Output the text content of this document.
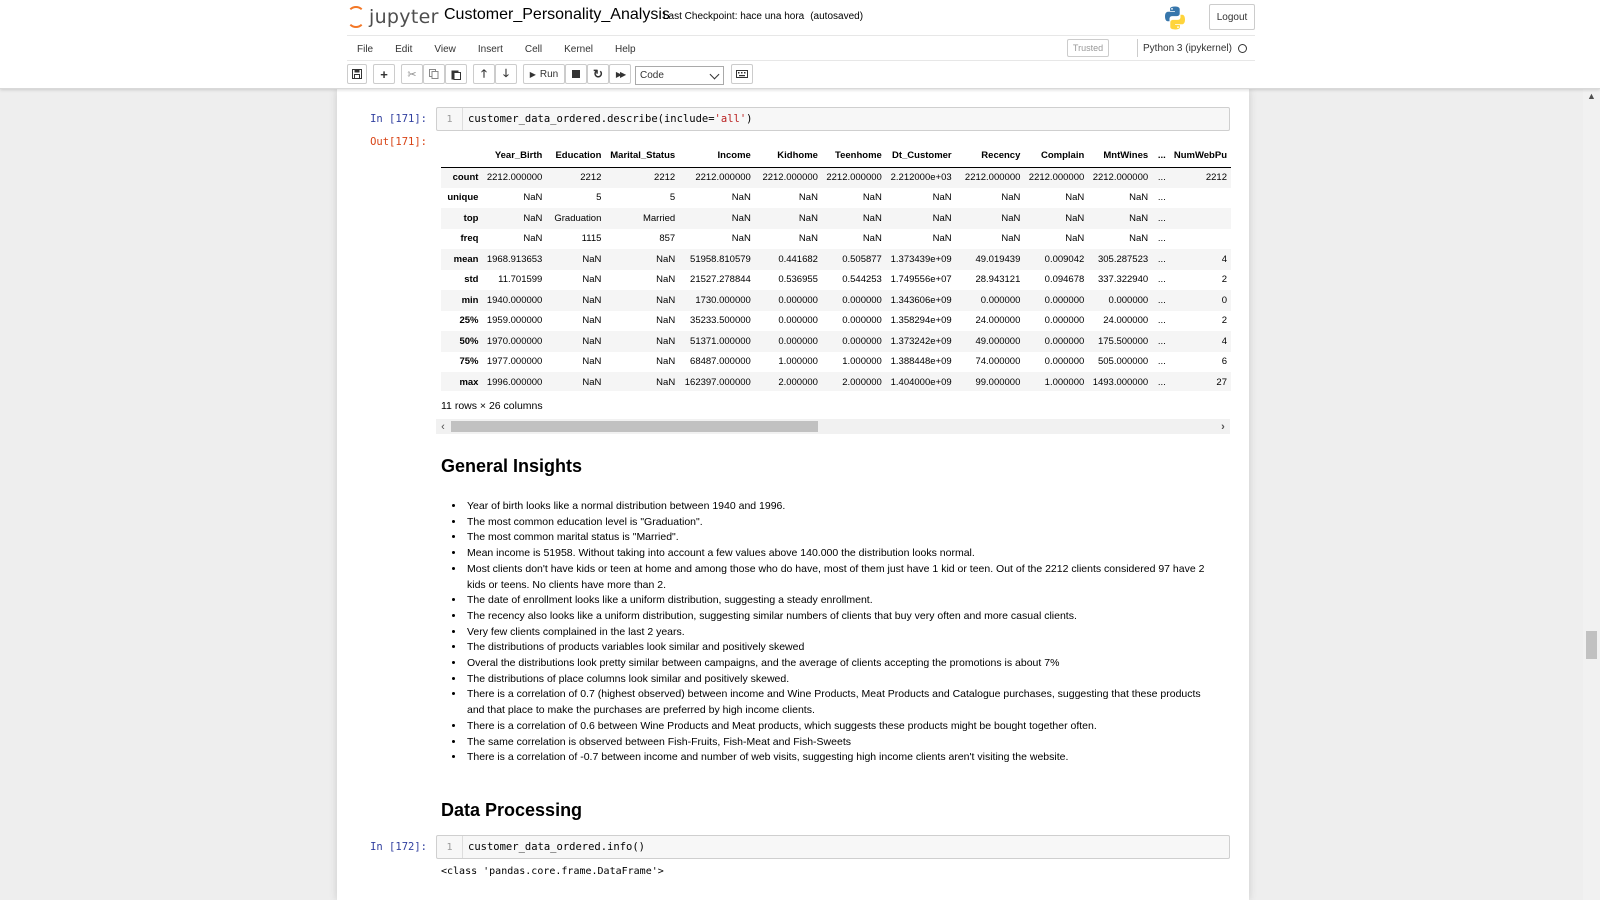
jupyter Customer_Personality_Analysis
Last Checkpoint: hace una hora (autosaved)	Logout
File	Edit	View	Insert	Cell	Kernel	Help	Trusted	Python 3 (ipykernel)
+ ✂	🡑 🡓	▶ Run	↻ ▶▶ Code
In [171]:	1	customer_data_ordered.describe(include='all')
Out[171]:
	Year_Birth	Education	Marital_Status	Income	Kidhome	Teenhome	Dt_Customer	Recency	Complain	MntWines	...	NumWebPu
count	2212.000000	2212	2212	2212.000000	2212.000000	2212.000000	2.212000e+03	2212.000000	2212.000000	2212.000000	...	2212
unique	NaN	5	5	NaN	NaN	NaN	NaN	NaN	NaN	NaN	...	
top	NaN	Graduation	Married	NaN	NaN	NaN	NaN	NaN	NaN	NaN	...	
freq	NaN	1115	857	NaN	NaN	NaN	NaN	NaN	NaN	NaN	...	
mean	1968.913653	NaN	NaN	51958.810579	0.441682	0.505877	1.373439e+09	49.019439	0.009042	305.287523	...	4
std	11.701599	NaN	NaN	21527.278844	0.536955	0.544253	1.749556e+07	28.943121	0.094678	337.322940	...	2
min	1940.000000	NaN	NaN	1730.000000	0.000000	0.000000	1.343606e+09	0.000000	0.000000	0.000000	...	0
25%	1959.000000	NaN	NaN	35233.500000	0.000000	0.000000	1.358294e+09	24.000000	0.000000	24.000000	...	2
50%	1970.000000	NaN	NaN	51371.000000	0.000000	0.000000	1.373242e+09	49.000000	0.000000	175.500000	...	4
75%	1977.000000	NaN	NaN	68487.000000	1.000000	1.000000	1.388448e+09	74.000000	0.000000	505.000000	...	6
max	1996.000000	NaN	NaN	162397.000000	2.000000	2.000000	1.404000e+09	99.000000	1.000000	1493.000000	...	27
11 rows × 26 columns
‹	›
General Insights
• Year of birth looks like a normal distribution between 1940 and 1996.
• The most common education level is "Graduation".
• The most common marital status is "Married".
• Mean income is 51958. Without taking into account a few values above 140.000 the distribution looks normal.
• Most clients don't have kids or teen at home and among those who do have, most of them just have 1 kid or teen. Out of the 2212 clients considered 97 have 2 kids or teens. No clients have more than 2.
• The date of enrollment looks like a uniform distribution, suggesting a steady enrollment.
• The recency also looks like a uniform distribution, suggesting similar numbers of clients that buy very often and more casual clients.
• Very few clients complained in the last 2 years.
• The distributions of products variables look similar and positively skewed
• Overal the distributions look pretty similar between campaigns, and the average of clients accepting the promotions is about 7%
• The distributions of place columns look similar and positively skewed.
• There is a correlation of 0.7 (highest observed) between income and Wine Products, Meat Products and Catalogue purchases, suggesting that these products and that place to make the purchases are preferred by high income clients.
• There is a correlation of 0.6 between Wine Products and Meat products, which suggests these products might be bought together often.
• The same correlation is observed between Fish-Fruits, Fish-Meat and Fish-Sweets
• There is a correlation of -0.7 between income and number of web visits, suggesting high income clients aren't visiting the website.
Data Processing
In [172]:	1	customer_data_ordered.info()
<class 'pandas.core.frame.DataFrame'>
▲
